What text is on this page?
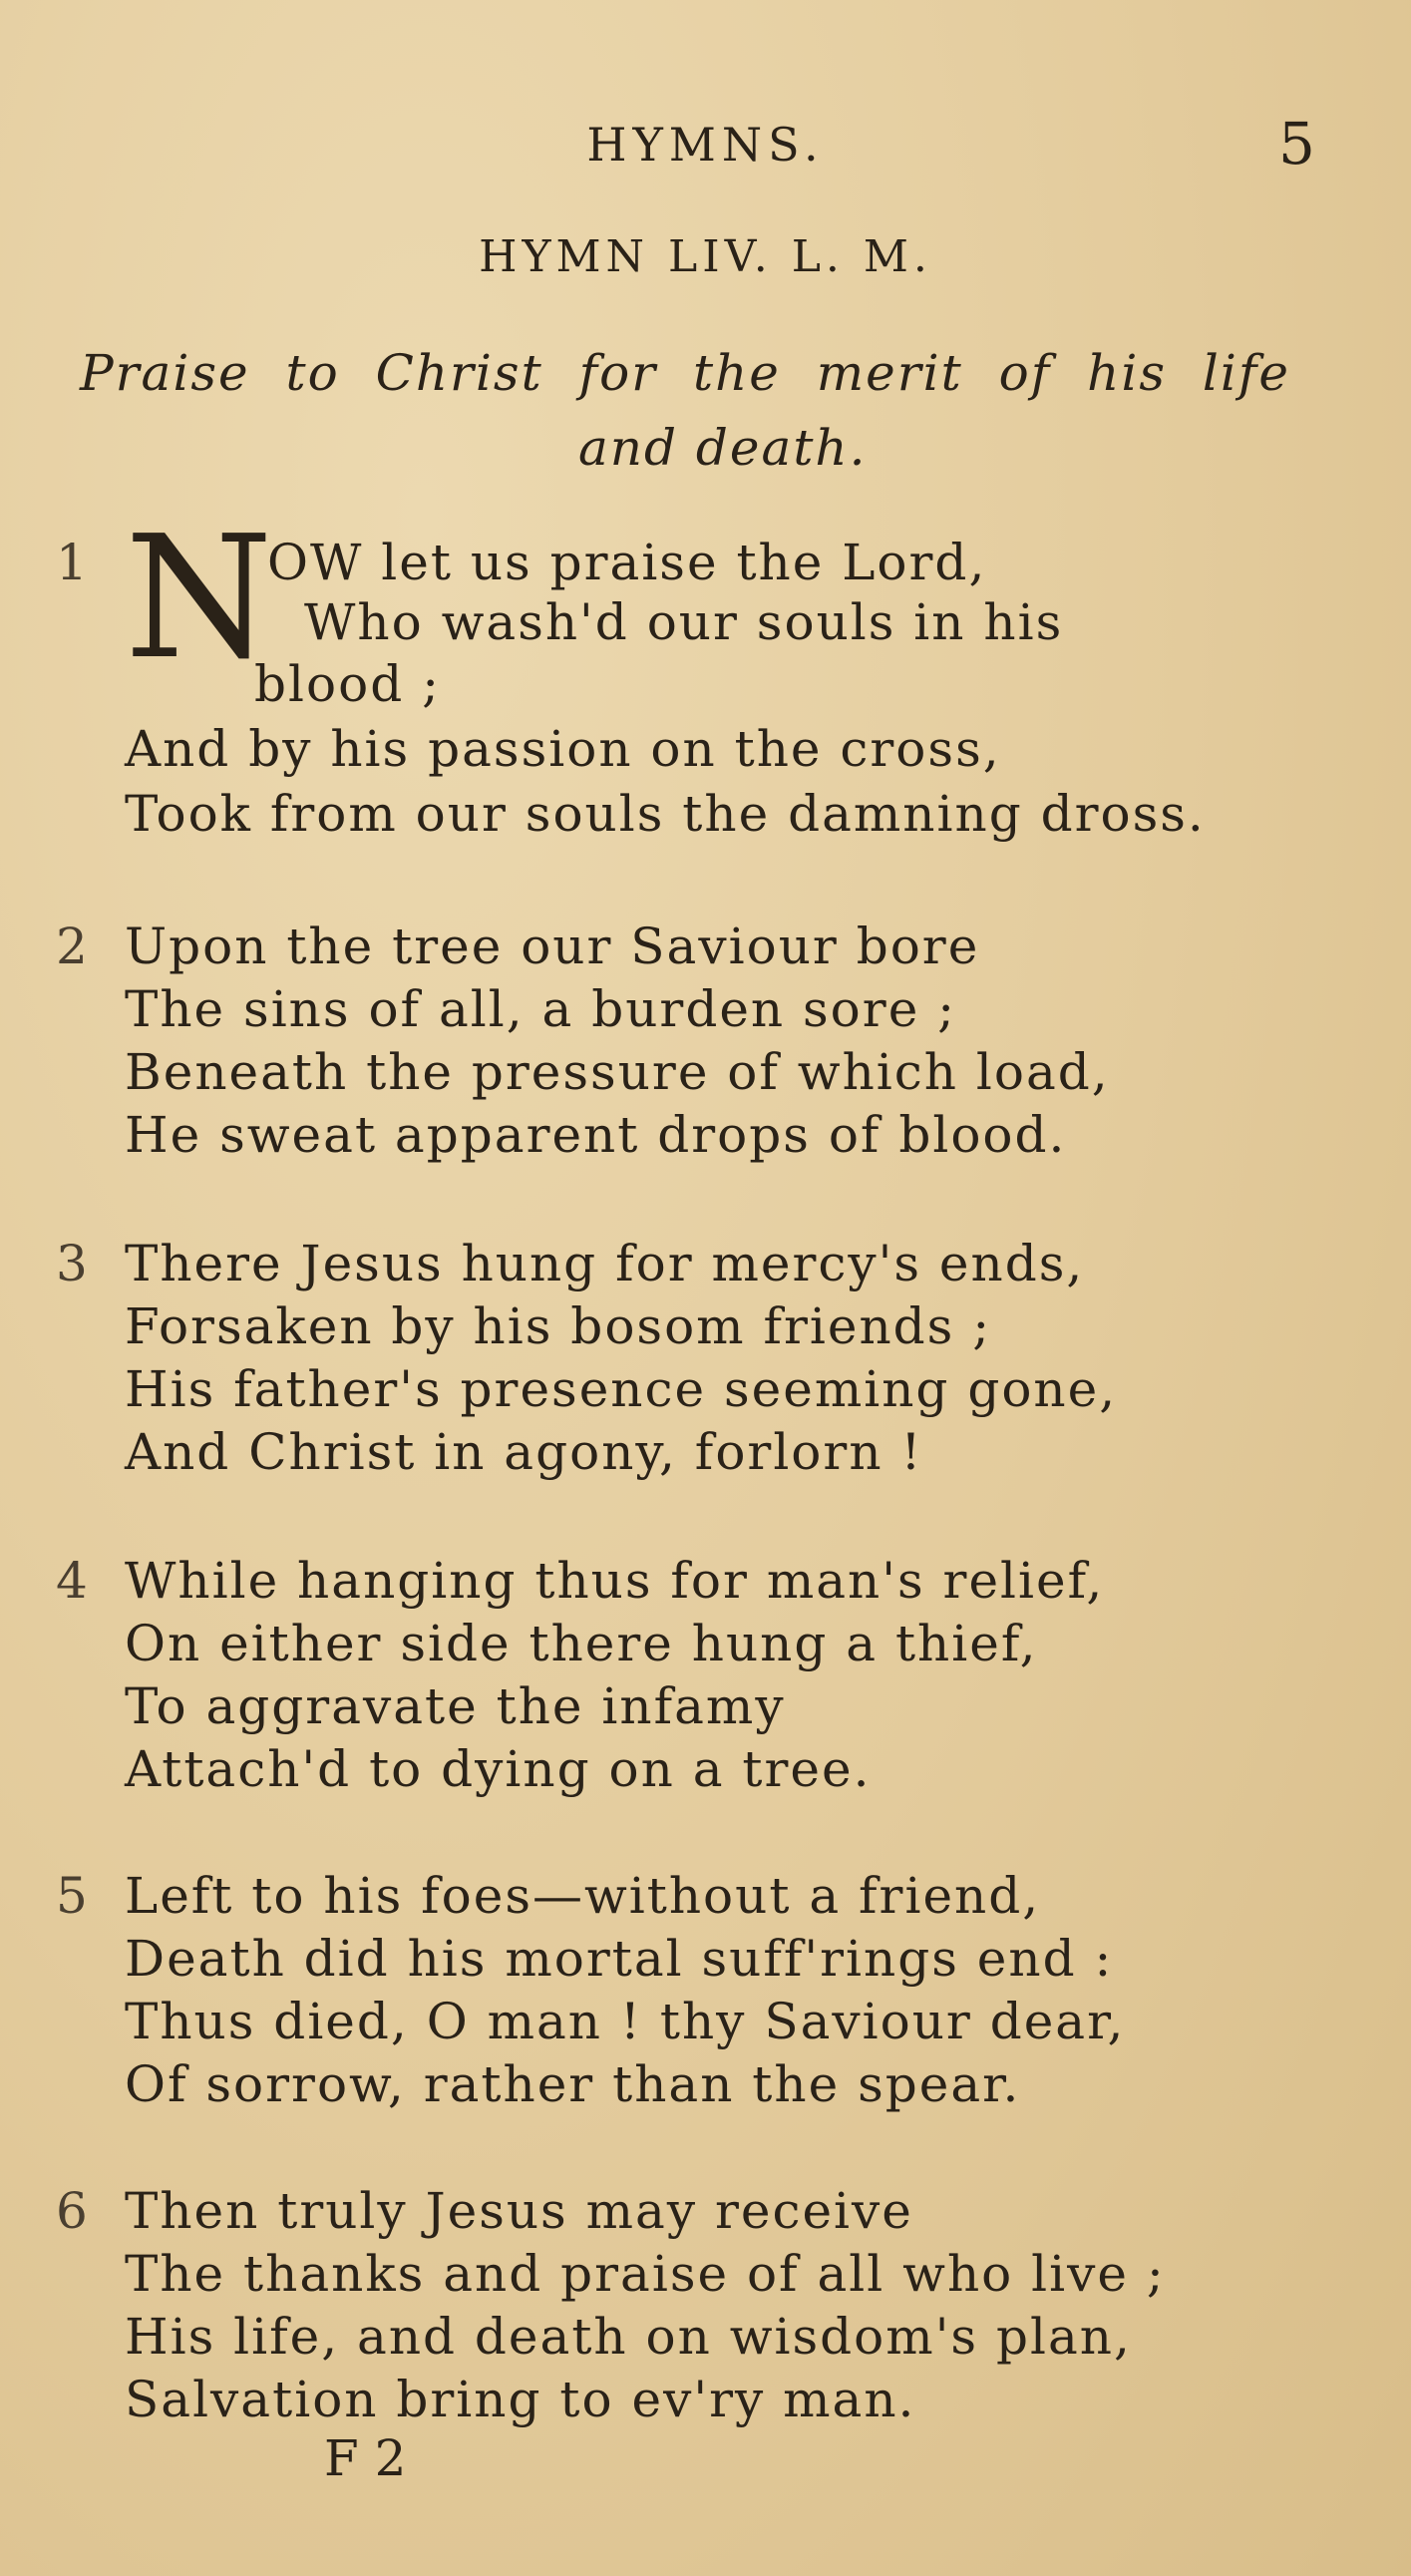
HYMNS.	5
HYMN LIV. L. M.
Praise to Christ for the merit of his life
and death.
1 N
OW let us praise the Lord,
Who wash'd our souls in his
blood ;
And by his passion on the cross,
Took from our souls the damning dross.
2 Upon the tree our Saviour bore
The sins of all, a burden sore ;
Beneath the pressure of which load,
He sweat apparent drops of blood.
3 There Jesus hung for mercy's ends,
Forsaken by his bosom friends ;
His father's presence seeming gone,
And Christ in agony, forlorn !
4 While hanging thus for man's relief,
On either side there hung a thief,
To aggravate the infamy
Attach'd to dying on a tree.
5 Left to his foes—without a friend,
Death did his mortal suff'rings end :
Thus died, O man ! thy Saviour dear,
Of sorrow, rather than the spear.
6 Then truly Jesus may receive
The thanks and praise of all who live ;
His life, and death on wisdom's plan,
Salvation bring to ev'ry man.
F 2
